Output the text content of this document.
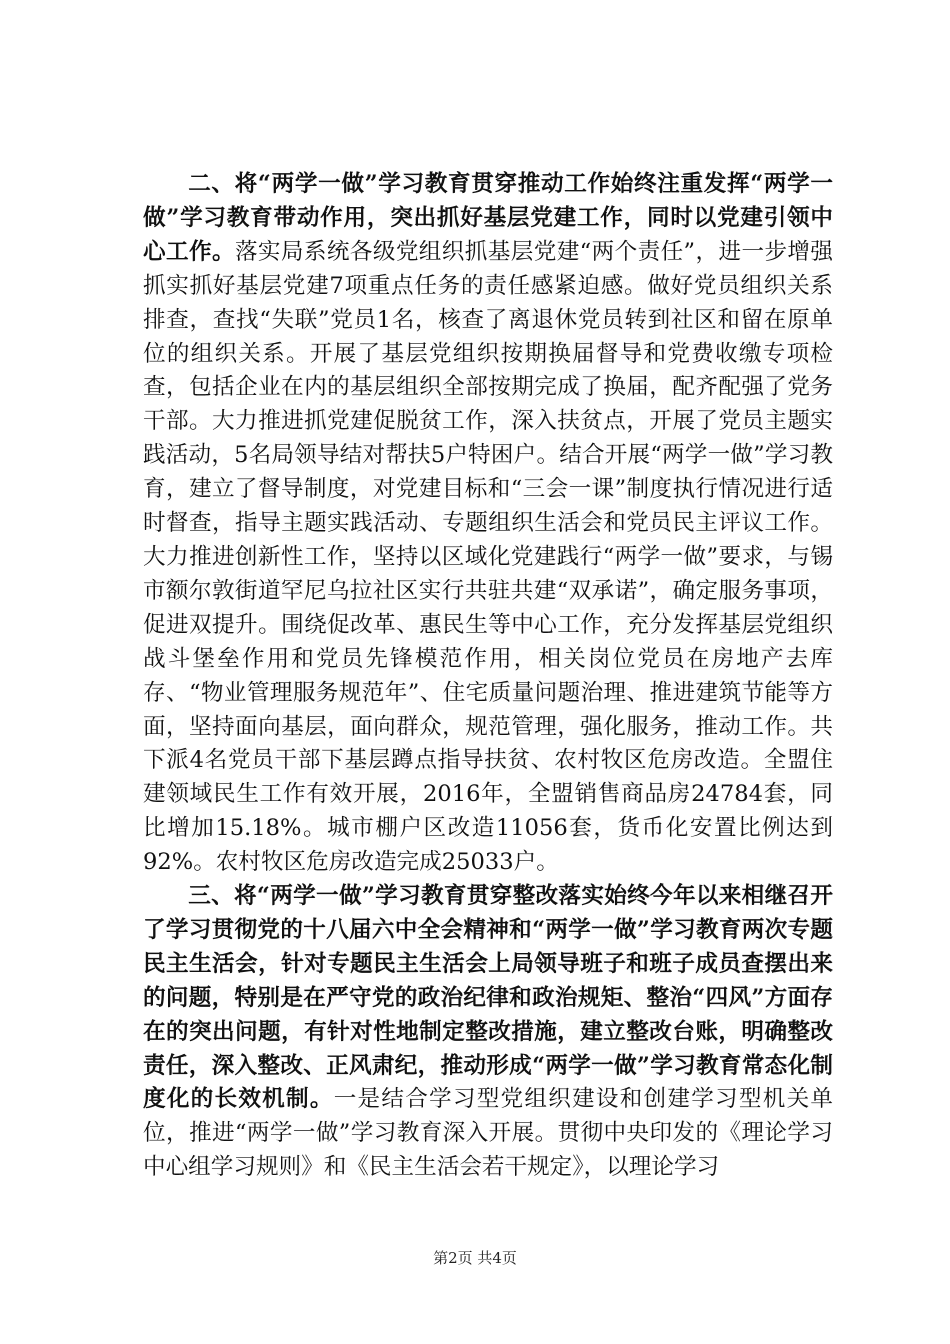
二、将“两学一做”学习教育贯穿推动工作始终注重发挥“两学一做”学习教育带动作用，突出抓好基层党建工作，同时以党建引领中心工作。落实局系统各级党组织抓基层党建“两个责任”，进一步增强抓实抓好基层党建7项重点任务的责任感紧迫感。做好党员组织关系排查，查找“失联”党员1名，核查了离退休党员转到社区和留在原单位的组织关系。开展了基层党组织按期换届督导和党费收缴专项检查，包括企业在内的基层组织全部按期完成了换届，配齐配强了党务干部。大力推进抓党建促脱贫工作，深入扶贫点，开展了党员主题实践活动，5名局领导结对帮扶5户特困户。结合开展“两学一做”学习教育，建立了督导制度，对党建目标和“三会一课”制度执行情况进行适时督查，指导主题实践活动、专题组织生活会和党员民主评议工作。大力推进创新性工作，坚持以区域化党建践行“两学一做”要求，与锡市额尔敦街道罕尼乌拉社区实行共驻共建“双承诺”，确定服务事项，促进双提升。围绕促改革、惠民生等中心工作，充分发挥基层党组织战斗堡垒作用和党员先锋模范作用，相关岗位党员在房地产去库存、“物业管理服务规范年”、住宅质量问题治理、推进建筑节能等方面，坚持面向基层，面向群众，规范管理，强化服务，推动工作。共下派4名党员干部下基层蹲点指导扶贫、农村牧区危房改造。全盟住建领域民生工作有效开展，2016年，全盟销售商品房24784套，同比增加15.18%。城市棚户区改造11056套，货币化安置比例达到92%。农村牧区危房改造完成25033户。

三、将“两学一做”学习教育贯穿整改落实始终今年以来相继召开了学习贯彻党的十八届六中全会精神和“两学一做”学习教育两次专题民主生活会，针对专题民主生活会上局领导班子和班子成员查摆出来的问题，特别是在严守党的政治纪律和政治规矩、整治“四风”方面存在的突出问题，有针对性地制定整改措施，建立整改台账，明确整改责任，深入整改、正风肃纪，推动形成“两学一做”学习教育常态化制度化的长效机制。一是结合学习型党组织建设和创建学习型机关单位，推进“两学一做”学习教育深入开展。贯彻中央印发的《理论学习中心组学习规则》和《民主生活会若干规定》，以理论学习

第2页 共4页
